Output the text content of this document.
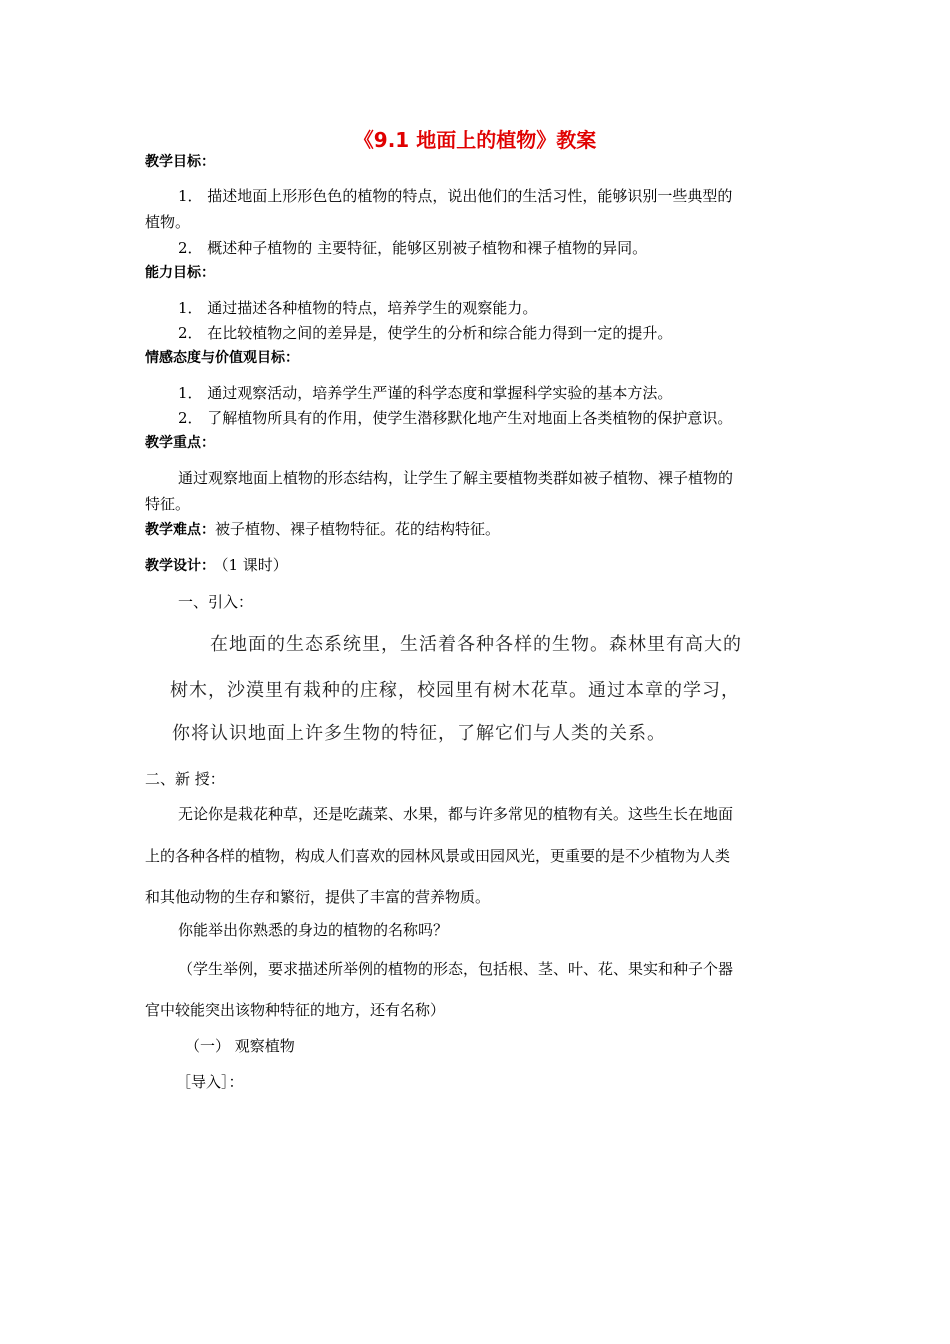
《9.1 地面上的植物》教案
教学目标：
1． 描述地面上形形色色的植物的特点，说出他们的生活习性，能够识别一些典型的
植物。
2． 概述种子植物的 主要特征，能够区别被子植物和裸子植物的异同。
能力目标：
1． 通过描述各种植物的特点，培养学生的观察能力。
2． 在比较植物之间的差异是，使学生的分析和综合能力得到一定的提升。
情感态度与价值观目标：
1． 通过观察活动，培养学生严谨的科学态度和掌握科学实验的基本方法。
2． 了解植物所具有的作用，使学生潜移默化地产生对地面上各类植物的保护意识。
教学重点：
通过观察地面上植物的形态结构，让学生了解主要植物类群如被子植物、裸子植物的
特征。
教学难点：被子植物、裸子植物特征。花的结构特征。
教学设计： （1 课时）
一、引入：
在地面的生态系统里，生活着各种各样的生物。森林里有高大的
树木，沙漠里有栽种的庄稼，校园里有树木花草。通过本章的学习，
你将认识地面上许多生物的特征，了解它们与人类的关系。
二、新 授：
无论你是栽花种草，还是吃蔬菜、水果，都与许多常见的植物有关。这些生长在地面
上的各种各样的植物，构成人们喜欢的园林风景或田园风光，更重要的是不少植物为人类
和其他动物的生存和繁衍，提供了丰富的营养物质。
你能举出你熟悉的身边的植物的名称吗？
（学生举例，要求描述所举例的植物的形态，包括根、茎、叶、花、果实和种子个器
官中较能突出该物种特征的地方，还有名称）
（一） 观察植物
［导入］：
